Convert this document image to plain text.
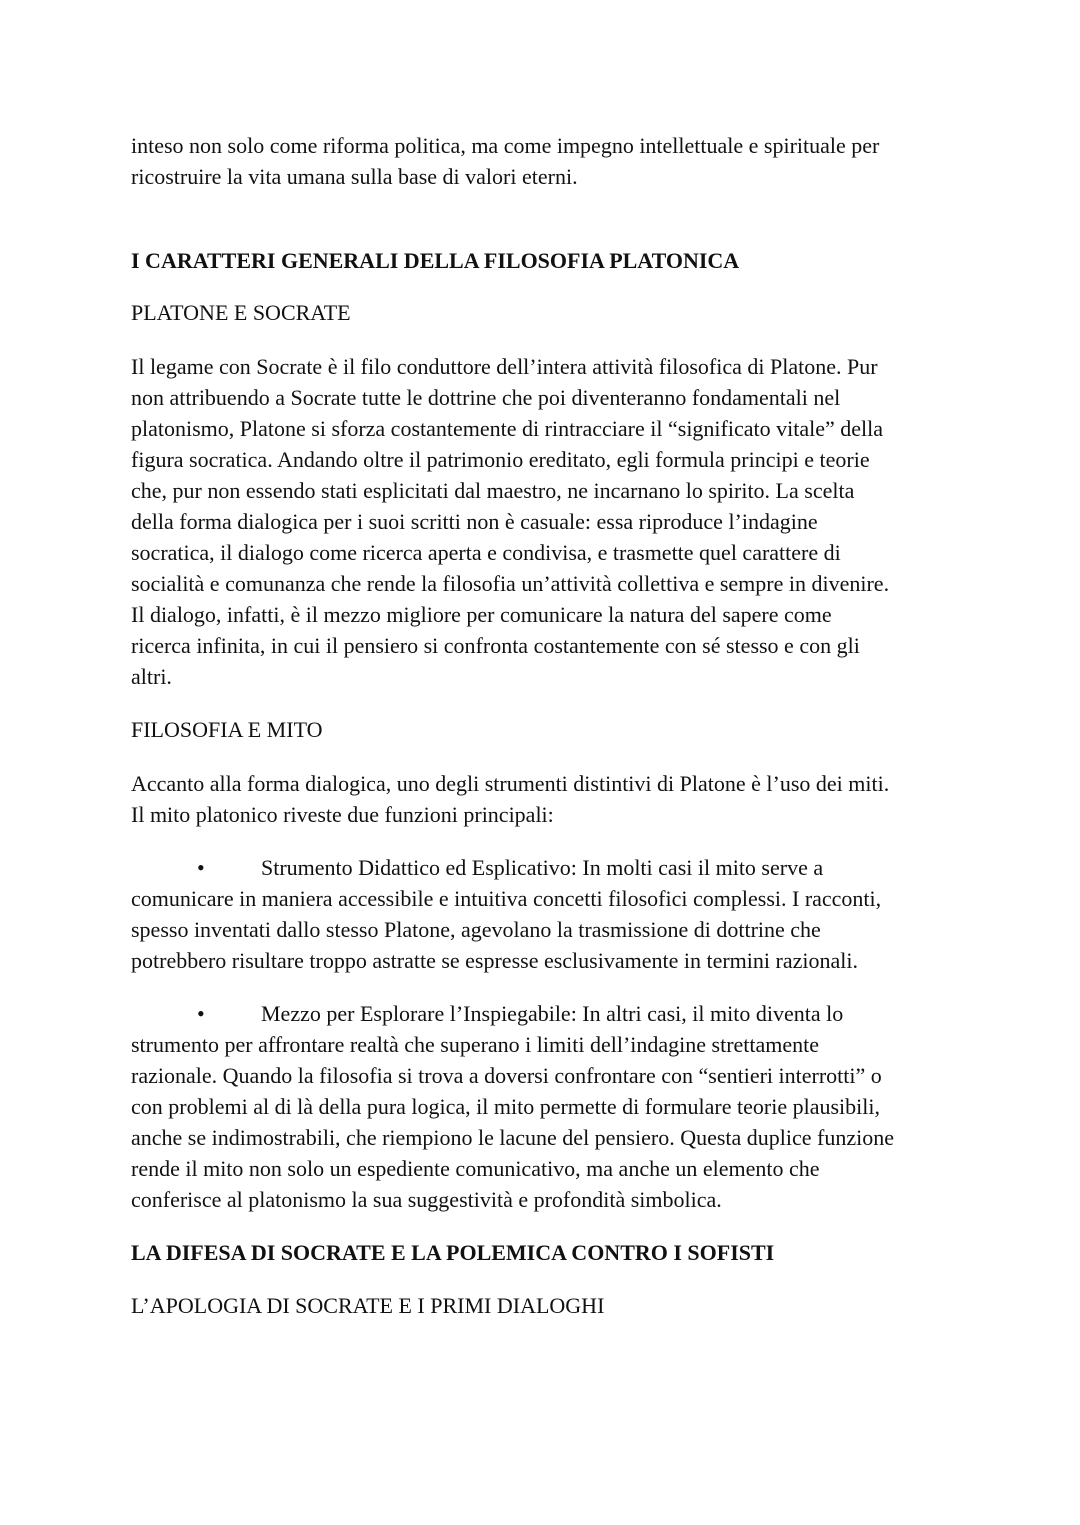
inteso non solo come riforma politica, ma come impegno intellettuale e spirituale per
ricostruire la vita umana sulla base di valori eterni.
I CARATTERI GENERALI DELLA FILOSOFIA PLATONICA
PLATONE E SOCRATE
Il legame con Socrate è il filo conduttore dell’intera attività filosofica di Platone. Pur
non attribuendo a Socrate tutte le dottrine che poi diventeranno fondamentali nel
platonismo, Platone si sforza costantemente di rintracciare il “significato vitale” della
figura socratica. Andando oltre il patrimonio ereditato, egli formula principi e teorie
che, pur non essendo stati esplicitati dal maestro, ne incarnano lo spirito. La scelta
della forma dialogica per i suoi scritti non è casuale: essa riproduce l’indagine
socratica, il dialogo come ricerca aperta e condivisa, e trasmette quel carattere di
socialità e comunanza che rende la filosofia un’attività collettiva e sempre in divenire.
Il dialogo, infatti, è il mezzo migliore per comunicare la natura del sapere come
ricerca infinita, in cui il pensiero si confronta costantemente con sé stesso e con gli
altri.
FILOSOFIA E MITO
Accanto alla forma dialogica, uno degli strumenti distintivi di Platone è l’uso dei miti.
Il mito platonico riveste due funzioni principali:
•	Strumento Didattico ed Esplicativo: In molti casi il mito serve a
comunicare in maniera accessibile e intuitiva concetti filosofici complessi. I racconti,
spesso inventati dallo stesso Platone, agevolano la trasmissione di dottrine che
potrebbero risultare troppo astratte se espresse esclusivamente in termini razionali.
•	Mezzo per Esplorare l’Inspiegabile: In altri casi, il mito diventa lo
strumento per affrontare realtà che superano i limiti dell’indagine strettamente
razionale. Quando la filosofia si trova a doversi confrontare con “sentieri interrotti” o
con problemi al di là della pura logica, il mito permette di formulare teorie plausibili,
anche se indimostrabili, che riempiono le lacune del pensiero. Questa duplice funzione
rende il mito non solo un espediente comunicativo, ma anche un elemento che
conferisce al platonismo la sua suggestività e profondità simbolica.
LA DIFESA DI SOCRATE E LA POLEMICA CONTRO I SOFISTI
L’APOLOGIA DI SOCRATE E I PRIMI DIALOGHI
